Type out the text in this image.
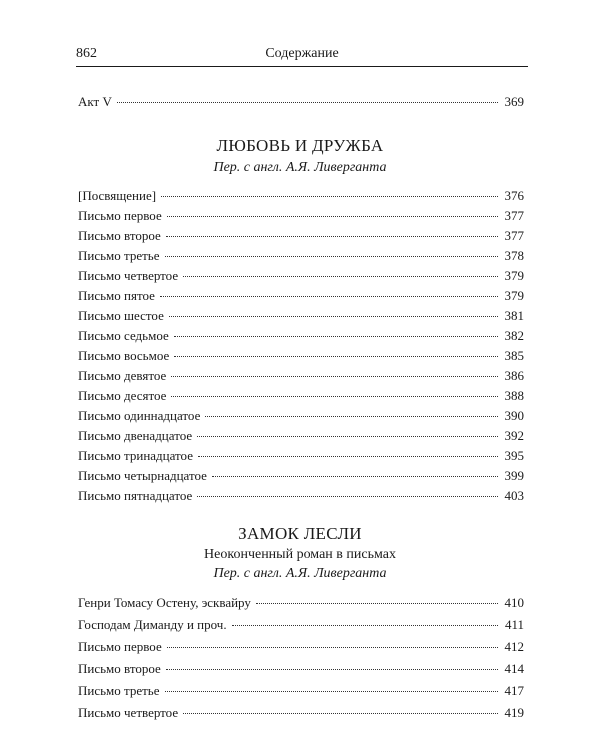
862	Содержание
Акт V	369
ЛЮБОВЬ И ДРУЖБА
Пер. с англ. А.Я. Ливерганта
[Посвящение]	376
Письмо первое	377
Письмо второе	377
Письмо третье	378
Письмо четвертое	379
Письмо пятое	379
Письмо шестое	381
Письмо седьмое	382
Письмо восьмое	385
Письмо девятое	386
Письмо десятое	388
Письмо одиннадцатое	390
Письмо двенадцатое	392
Письмо тринадцатое	395
Письмо четырнадцатое	399
Письмо пятнадцатое	403
ЗАМОК ЛЕСЛИ
Неоконченный роман в письмах
Пер. с англ. А.Я. Ливерганта
Генри Томасу Остену, эсквайру	410
Господам Диманду и проч.	411
Письмо первое	412
Письмо второе	414
Письмо третье	417
Письмо четвертое	419
